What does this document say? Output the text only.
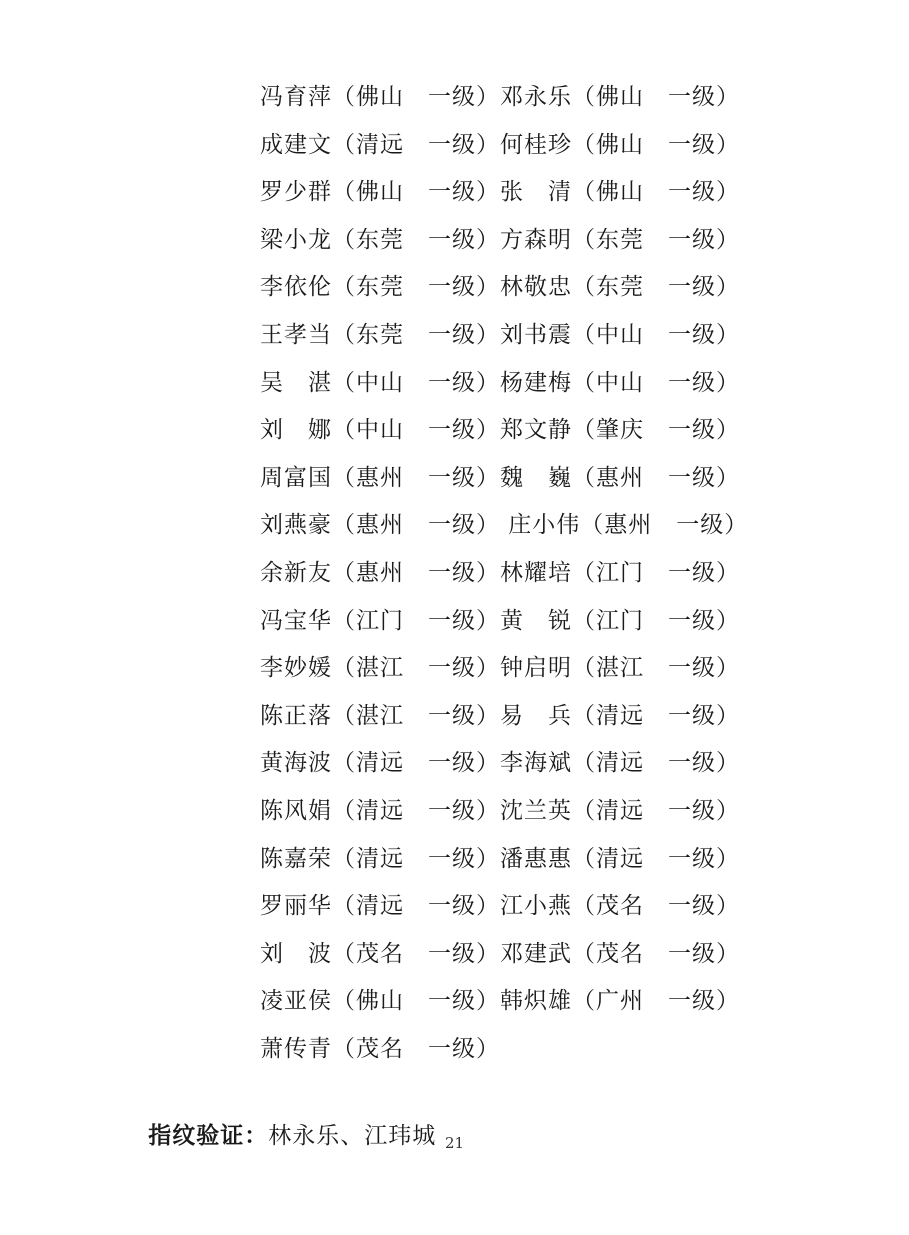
冯育萍（佛山　一级）邓永乐（佛山　一级）
成建文（清远　一级）何桂珍（佛山　一级）
罗少群（佛山　一级）张　清（佛山　一级）
梁小龙（东莞　一级）方森明（东莞　一级）
李依伦（东莞　一级）林敬忠（东莞　一级）
王孝当（东莞　一级）刘书震（中山　一级）
吴　湛（中山　一级）杨建梅（中山　一级）
刘　娜（中山　一级）郑文静（肇庆　一级）
周富国（惠州　一级）魏　巍（惠州　一级）
刘燕豪（惠州　一级） 庄小伟（惠州　一级）
余新友（惠州　一级）林耀培（江门　一级）
冯宝华（江门　一级）黄　锐（江门　一级）
李妙媛（湛江　一级）钟启明（湛江　一级）
陈正落（湛江　一级）易　兵（清远　一级）
黄海波（清远　一级）李海斌（清远　一级）
陈风娟（清远　一级）沈兰英（清远　一级）
陈嘉荣（清远　一级）潘惠惠（清远　一级）
罗丽华（清远　一级）江小燕（茂名　一级）
刘　波（茂名　一级）邓建武（茂名　一级）
凌亚侯（佛山　一级）韩炽雄（广州　一级）
萧传青（茂名　一级）

指纹验证：林永乐、江玮城
21
